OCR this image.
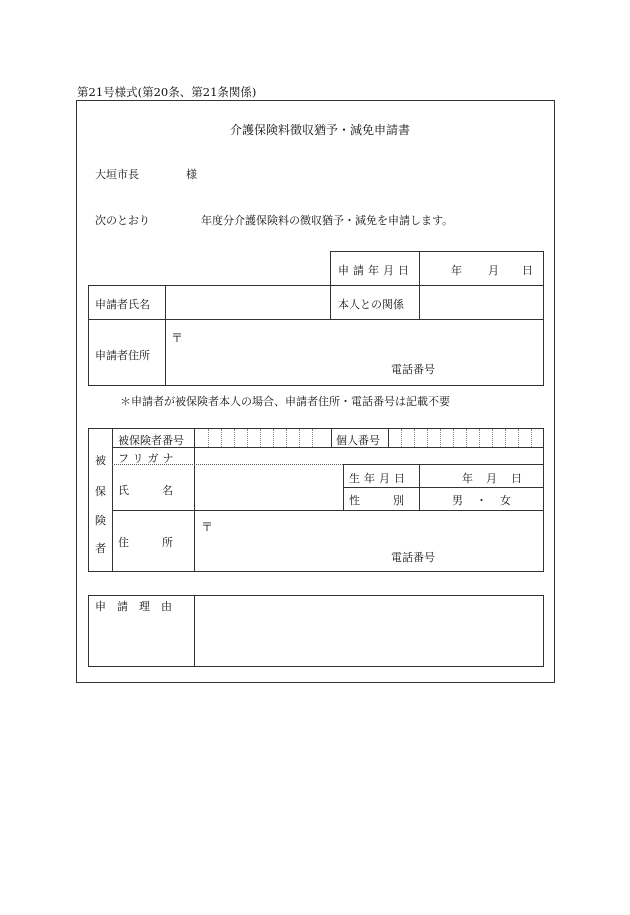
第21号様式(第20条、第21条関係)
介護保険料徴収猶予・減免申請書
大垣市長	様
次のとおり	年度分介護保険料の徴収猶予・減免を申請します。
申請年月日	年 月 日
申請者氏名	本人との関係
申請者住所
〒
電話番号
＊申請者が被保険者本人の場合、申請者住所・電話番号は記載不要
被
保
険
者
被保険者番号	個人番号
フリガナ
氏　　　名
生年月日	年 月 日
性　　　別	男 ・ 女
住　　　所
〒
電話番号
申　請　理　由
